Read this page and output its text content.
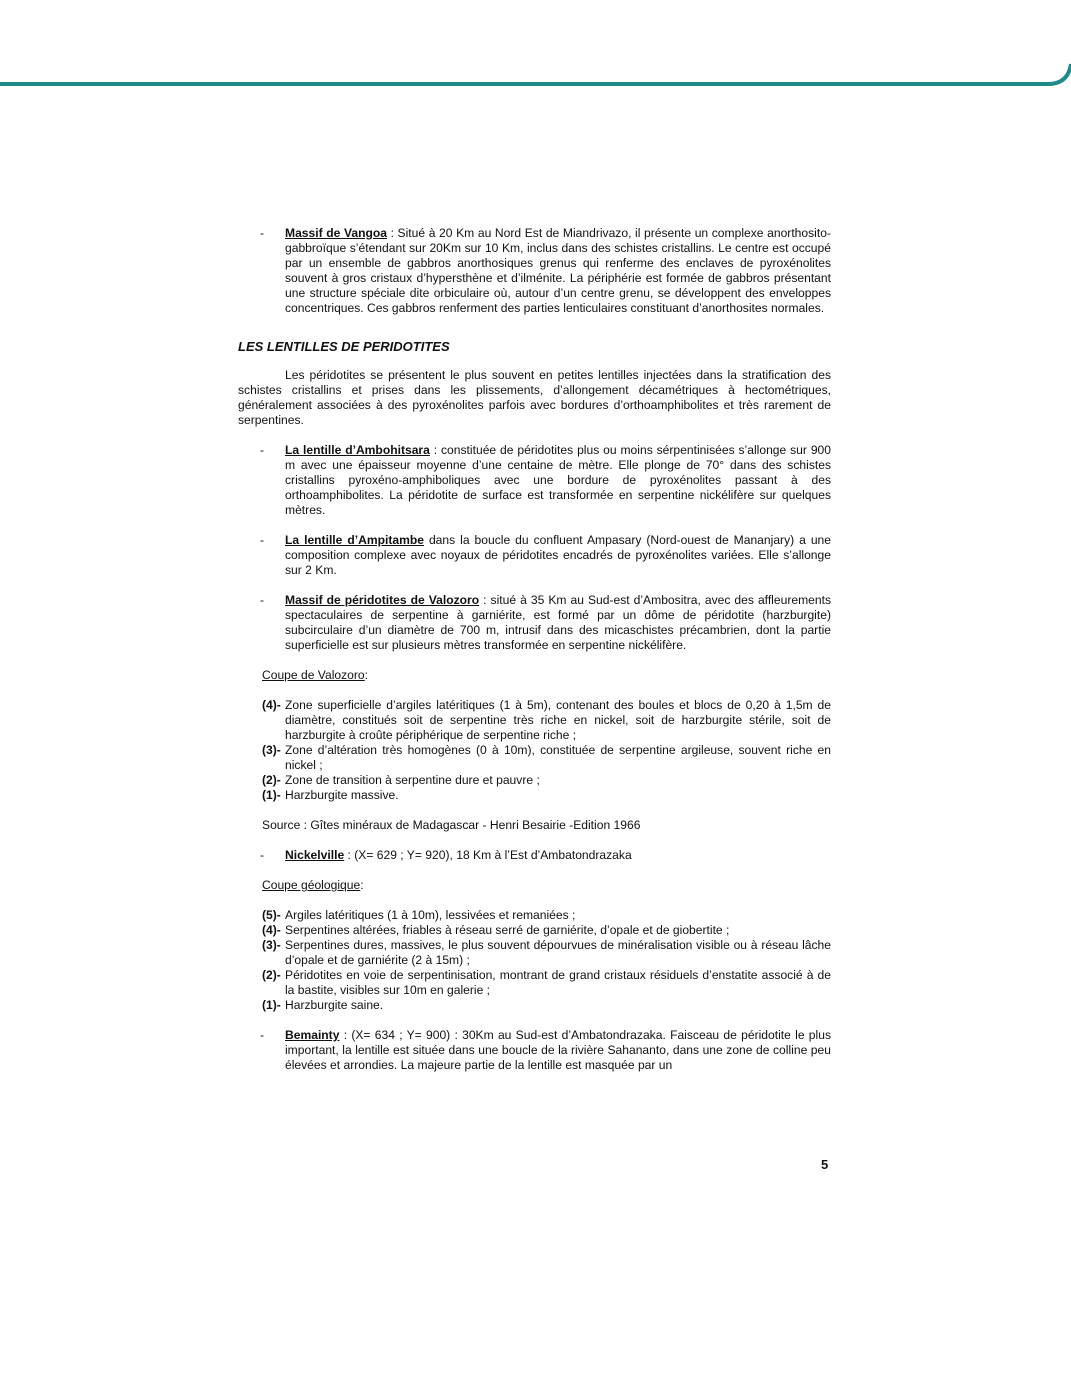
- Massif de Vangoa : Situé à 20 Km au Nord Est de Miandrivazo, il présente un complexe anorthosito-gabbroïque s’étendant sur 20Km sur 10 Km, inclus dans des schistes cristallins. Le centre est occupé par un ensemble de gabbros anorthosiques grenus qui renferme des enclaves de pyroxénolites souvent à gros cristaux d’hypersthène et d’ilménite. La périphérie est formée de gabbros présentant une structure spéciale dite orbiculaire où, autour d’un centre grenu, se développent des enveloppes concentriques. Ces gabbros renferment des parties lenticulaires constituant d’anorthosites normales.
LES LENTILLES DE PERIDOTITES
Les péridotites se présentent le plus souvent en petites lentilles injectées dans la stratification des schistes cristallins et prises dans les plissements, d’allongement décamétriques à hectométriques, généralement associées à des pyroxénolites parfois avec bordures d’orthoamphibolites et très rarement de serpentines.
- La lentille d’Ambohitsara : constituée de péridotites plus ou moins sérpentinisées s’allonge sur 900 m avec une épaisseur moyenne d’une centaine de mètre. Elle plonge de 70° dans des schistes cristallins pyroxéno-amphiboliques avec une bordure de pyroxénolites passant à des orthoamphibolites. La péridotite de surface est transformée en serpentine nickélifère sur quelques mètres.
- La lentille d’Ampitambe dans la boucle du confluent Ampasary (Nord-ouest de Mananjary) a une composition complexe avec noyaux de péridotites encadrés de pyroxénolites variées. Elle s’allonge sur 2 Km.
- Massif de péridotites de Valozoro : situé à 35 Km au Sud-est d’Ambositra, avec des affleurements spectaculaires de serpentine à garniérite, est formé par un dôme de péridotite (harzburgite) subcirculaire d’un diamètre de 700 m, intrusif dans des micaschistes précambrien, dont la partie superficielle est sur plusieurs mètres transformée en serpentine nickélifère.
Coupe de Valozoro:
(4)- Zone superficielle d’argiles latéritiques (1 à 5m), contenant des boules et blocs de 0,20 à 1,5m de diamètre, constitués soit de serpentine très riche en nickel, soit de harzburgite stérile, soit de harzburgite à croûte périphérique de serpentine riche ;
(3)- Zone d’altération très homogènes (0 à 10m), constituée de serpentine argileuse, souvent riche en nickel ;
(2)- Zone de transition à serpentine dure et pauvre ;
(1)- Harzburgite massive.
Source : Gîtes minéraux de Madagascar - Henri Besairie -Edition 1966
- Nickelville : (X= 629 ; Y= 920), 18 Km à l’Est d’Ambatondrazaka
Coupe géologique:
(5)- Argiles latéritiques (1 à 10m), lessivées et remaniées ;
(4)- Serpentines altérées, friables à réseau serré de garniérite, d’opale et de giobertite ;
(3)- Serpentines dures, massives, le plus souvent dépourvues de minéralisation visible ou à réseau lâche d’opale et de garniérite (2 à 15m) ;
(2)- Péridotites en voie de serpentinisation, montrant de grand cristaux résiduels d’enstatite associé à de la bastite, visibles sur 10m en galerie ;
(1)- Harzburgite saine.
- Bemainty : (X= 634 ; Y= 900) : 30Km au Sud-est d’Ambatondrazaka. Faisceau de péridotite le plus important, la lentille est située dans une boucle de la rivière Sahananto, dans une zone de colline peu élevées et arrondies. La majeure partie de la lentille est masquée par un
5
